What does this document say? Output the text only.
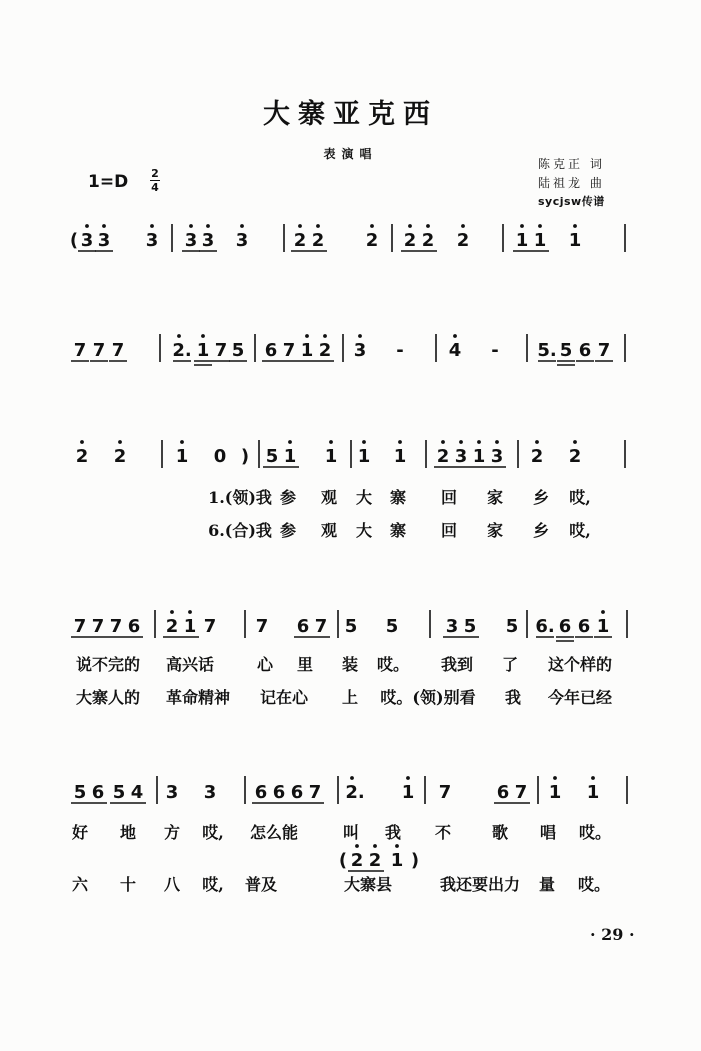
大寨亚克西
表演唱
陈克正 词
陆祖龙 曲
sycjsw传谱
1=D 2
4
( 3 3 3 3 3 3	2 2 2 2 2 2	1 1 1
7 7 7	2. 1 7 5 6 7 1 2 3 - 4 - 5. 5 6 7
2 2	1 0 ) 5 1 1 1 1 2 3 1 3 2 2
1.(领)我 参 观 大 寨 回 家 乡 哎,
6.(合)我 参 观 大 寨 回 家 乡 哎,
7 7 7 6 2 1 7 7 6 7 5 5	3 5 5 6. 6 6 1
说不完的 高兴话	心 里 装 哎。 我到 了 这个样的
大寨人的 革命精神 记在心 上 哎。(领)别看 我 今年已经
5 6 5 4 3 3 6 6 6 7 2. 1 7	6 7 1 1
好 地 方 哎, 怎么能	叫 我 不	歌 唱 哎。
( 2 2 1 )
六 十 八 哎, 普及	大寨县	我还要出力 量 哎。
· 29 ·
